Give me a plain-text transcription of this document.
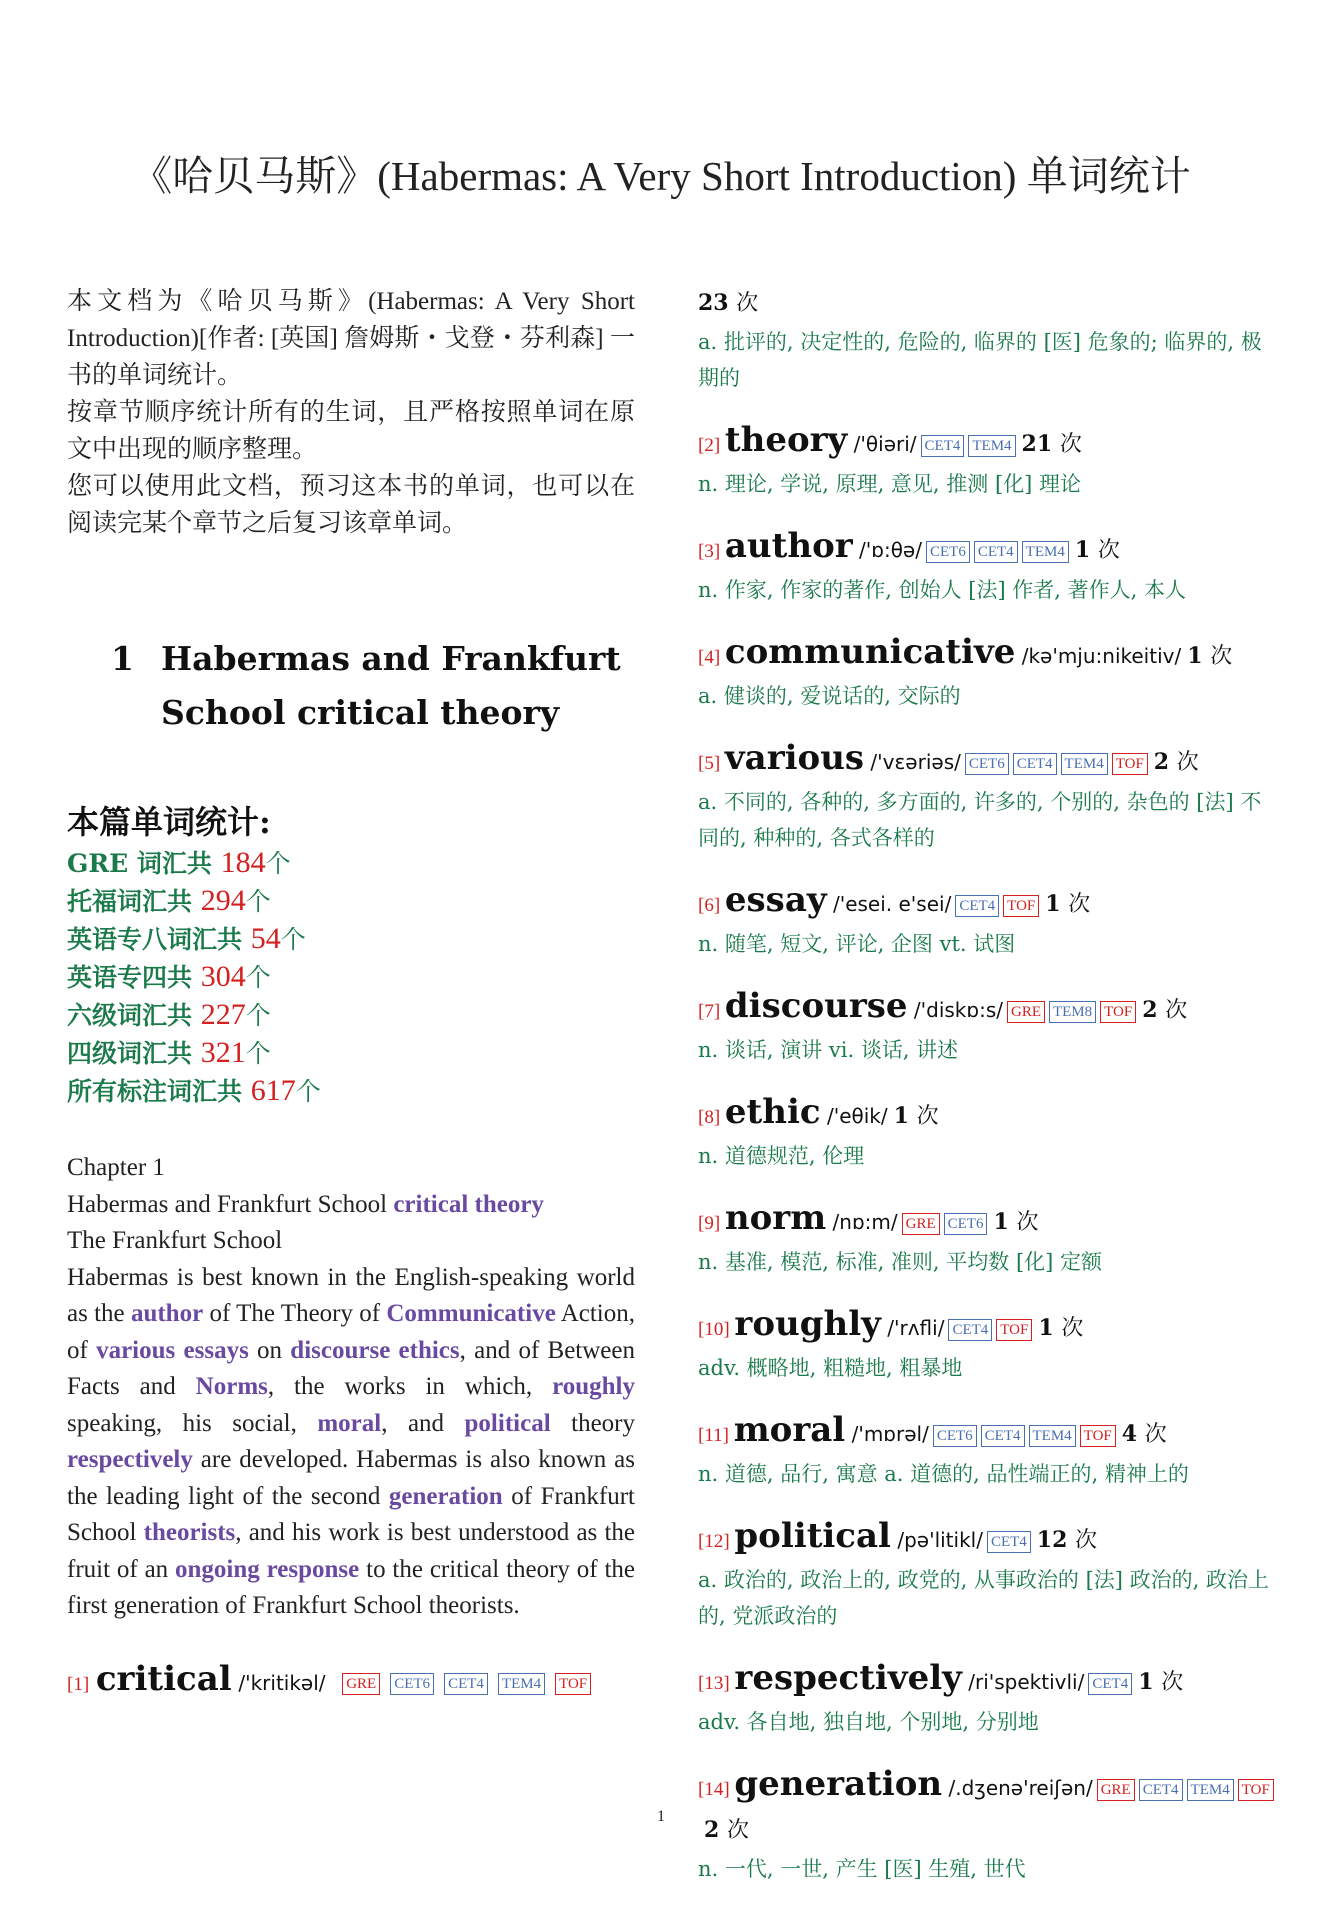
《哈贝马斯》(Habermas: A Very Short Introduction) 单词统计

本文档为《哈贝马斯》(Habermas: A Very Short Introduction)[作者: [英国] 詹姆斯・戈登・芬利森] 一书的单词统计。

按章节顺序统计所有的生词，且严格按照单词在原文中出现的顺序整理。

您可以使用此文档，预习这本书的单词，也可以在阅读完某个章节之后复习该章单词。

1 Habermas and Frankfurt
School critical theory
本篇单词统计:
GRE 词汇共 184个
托福词汇共 294个
英语专八词汇共 54个
英语专四共 304个
六级词汇共 227个
四级词汇共 321个
所有标注词汇共 617个

Chapter 1

Habermas and Frankfurt School critical theory

The Frankfurt School

Habermas is best known in the English-speaking world as the author of The Theory of Communicative Action, of various essays on discourse ethics, and of Between Facts and Norms, the works in which, roughly speaking, his social, moral, and political theory respectively are developed. Habermas is also known as the leading light of the second generation of Frankfurt School theorists, and his work is best understood as the fruit of an ongoing response to the critical theory of the first generation of Frankfurt School theorists.

[1] critical /'kritikəl/ GRE CET6 CET4 TEM4 TOF
23 次
a. 批评的, 决定性的, 危险的, 临界的 [医] 危象的; 临界的, 极期的
[2] theory /'θiəri/ CET4 TEM4 21 次
n. 理论, 学说, 原理, 意见, 推测 [化] 理论
[3] author /'ɒ:θə/ CET6 CET4 TEM4 1 次
n. 作家, 作家的著作, 创始人 [法] 作者, 著作人, 本人
[4] communicative /kə'mju:nikeitiv/ 1 次
a. 健谈的, 爱说话的, 交际的
[5] various /'vɛəriəs/ CET6 CET4 TEM4 TOF 2 次
a. 不同的, 各种的, 多方面的, 许多的, 个别的, 杂色的 [法] 不同的, 种种的, 各式各样的
[6] essay /'esei. e'sei/ CET4 TOF 1 次
n. 随笔, 短文, 评论, 企图 vt. 试图
[7] discourse /'diskɒ:s/ GRE TEM8 TOF 2 次
n. 谈话, 演讲 vi. 谈话, 讲述
[8] ethic /'eθik/ 1 次
n. 道德规范, 伦理
[9] norm /nɒ:m/ GRE CET6 1 次
n. 基准, 模范, 标准, 准则, 平均数 [化] 定额
[10] roughly /'rʌfli/ CET4 TOF 1 次
adv. 概略地, 粗糙地, 粗暴地
[11] moral /'mɒrəl/ CET6 CET4 TEM4 TOF 4 次
n. 道德, 品行, 寓意 a. 道德的, 品性端正的, 精神上的
[12] political /pə'litikl/ CET4 12 次
a. 政治的, 政治上的, 政党的, 从事政治的 [法] 政治的, 政治上的, 党派政治的
[13] respectively /ri'spektivli/ CET4 1 次
adv. 各自地, 独自地, 个别地, 分别地
[14] generation /.dʒenə'reiʃən/ GRE CET4 TEM4 TOF2 次
n. 一代, 一世, 产生 [医] 生殖, 世代
1
